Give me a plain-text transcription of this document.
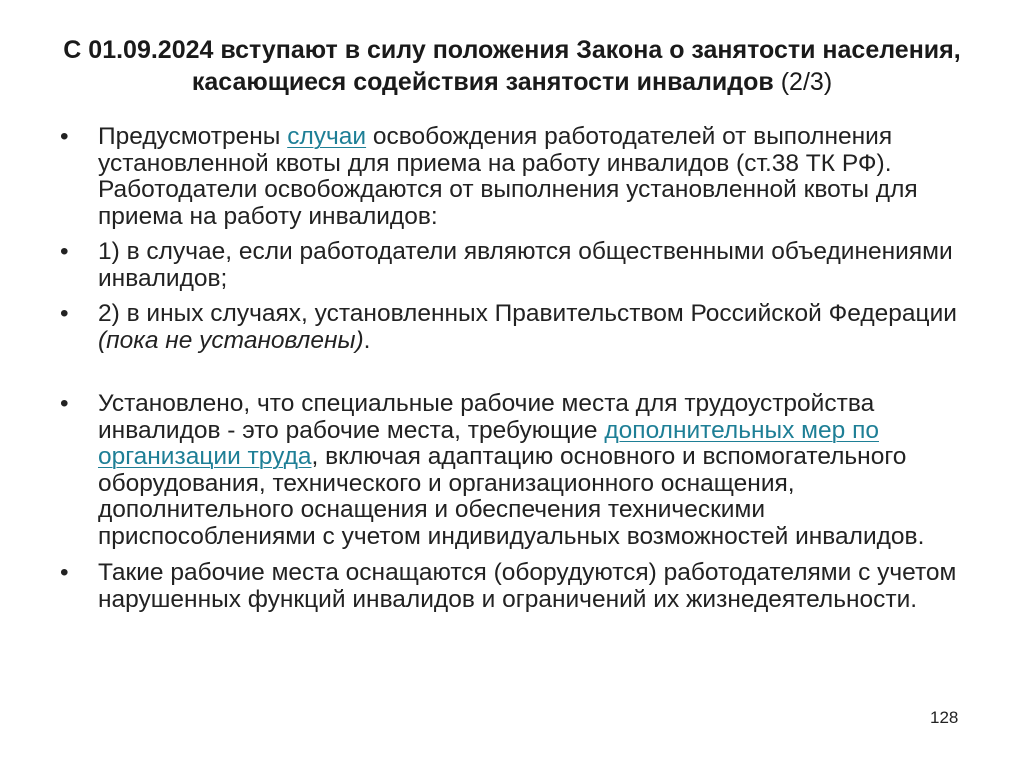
С 01.09.2024 вступают в силу положения Закона о занятости населения, касающиеся содействия занятости инвалидов (2/3)

•	Предусмотрены случаи освобождения работодателей от выполнения установленной квоты для приема на работу инвалидов (ст.38 ТК РФ). Работодатели освобождаются от выполнения установленной квоты для приема на работу инвалидов:

•	1) в случае, если работодатели являются общественными объединениями инвалидов;

•	2) в иных случаях, установленных Правительством Российской Федерации (пока не установлены).

•	Установлено, что специальные рабочие места для трудоустройства инвалидов - это рабочие места, требующие дополнительных мер по организации труда, включая адаптацию основного и вспомогательного оборудования, технического и организационного оснащения, дополнительного оснащения и обеспечения техническими приспособлениями с учетом индивидуальных возможностей инвалидов.

•	Такие рабочие места оснащаются (оборудуются) работодателями с учетом нарушенных функций инвалидов и ограничений их жизнедеятельности.

128
